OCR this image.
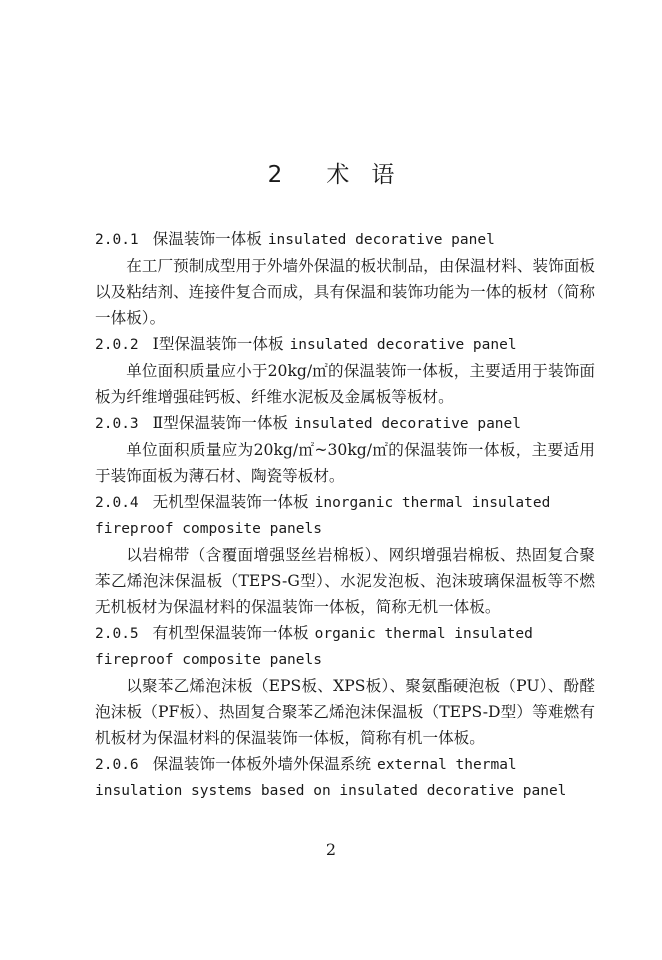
2 术 语
2.0.1 保温装饰一体板 insulated decorative panel
在工厂预制成型用于外墙外保温的板状制品，由保温材料、装饰面板以及粘结剂、连接件复合而成，具有保温和装饰功能为一体的板材（简称一体板）。
2.0.2 Ⅰ型保温装饰一体板 insulated decorative panel
单位面积质量应小于20kg/㎡的保温装饰一体板，主要适用于装饰面板为纤维增强硅钙板、纤维水泥板及金属板等板材。
2.0.3 Ⅱ型保温装饰一体板 insulated decorative panel
单位面积质量应为20kg/㎡~30kg/㎡的保温装饰一体板，主要适用于装饰面板为薄石材、陶瓷等板材。
2.0.4 无机型保温装饰一体板 inorganic thermal insulated
fireproof composite panels
以岩棉带（含覆面增强竖丝岩棉板）、网织增强岩棉板、热固复合聚苯乙烯泡沫保温板（TEPS-G型）、水泥发泡板、泡沫玻璃保温板等不燃无机板材为保温材料的保温装饰一体板，简称无机一体板。
2.0.5 有机型保温装饰一体板 organic thermal insulated
fireproof composite panels
以聚苯乙烯泡沫板（EPS板、XPS板）、聚氨酯硬泡板（PU）、酚醛泡沫板（PF板）、热固复合聚苯乙烯泡沫保温板（TEPS-D型）等难燃有机板材为保温材料的保温装饰一体板，简称有机一体板。
2.0.6 保温装饰一体板外墙外保温系统 external thermal
insulation systems based on insulated decorative panel
2
